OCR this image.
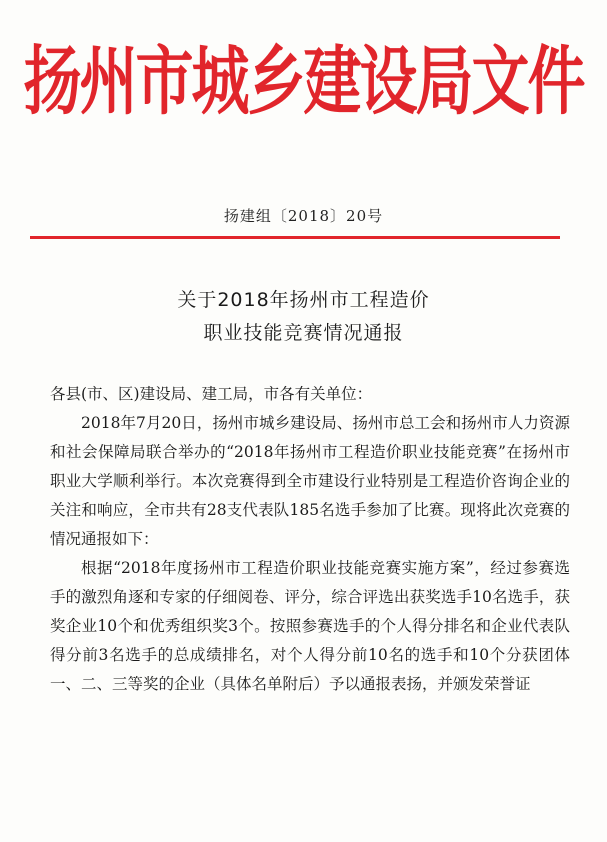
扬州市城乡建设局文件
扬建组〔2018〕20号
关于2018年扬州市工程造价
职业技能竞赛情况通报

各县(市、区)建设局、建工局，市各有关单位：

2018年7月20日，扬州市城乡建设局、扬州市总工会和扬州市人力资源和社会保障局联合举办的“2018年扬州市工程造价职业技能竞赛”在扬州市职业大学顺利举行。本次竞赛得到全市建设行业特别是工程造价咨询企业的关注和响应，全市共有28支代表队185名选手参加了比赛。现将此次竞赛的情况通报如下：

根据“2018年度扬州市工程造价职业技能竞赛实施方案”，经过参赛选手的激烈角逐和专家的仔细阅卷、评分，综合评选出获奖选手10名选手，获奖企业10个和优秀组织奖3个。按照参赛选手的个人得分排名和企业代表队得分前3名选手的总成绩排名，对个人得分前10名的选手和10个分获团体一、二、三等奖的企业（具体名单附后）予以通报表扬，并颁发荣誉证
